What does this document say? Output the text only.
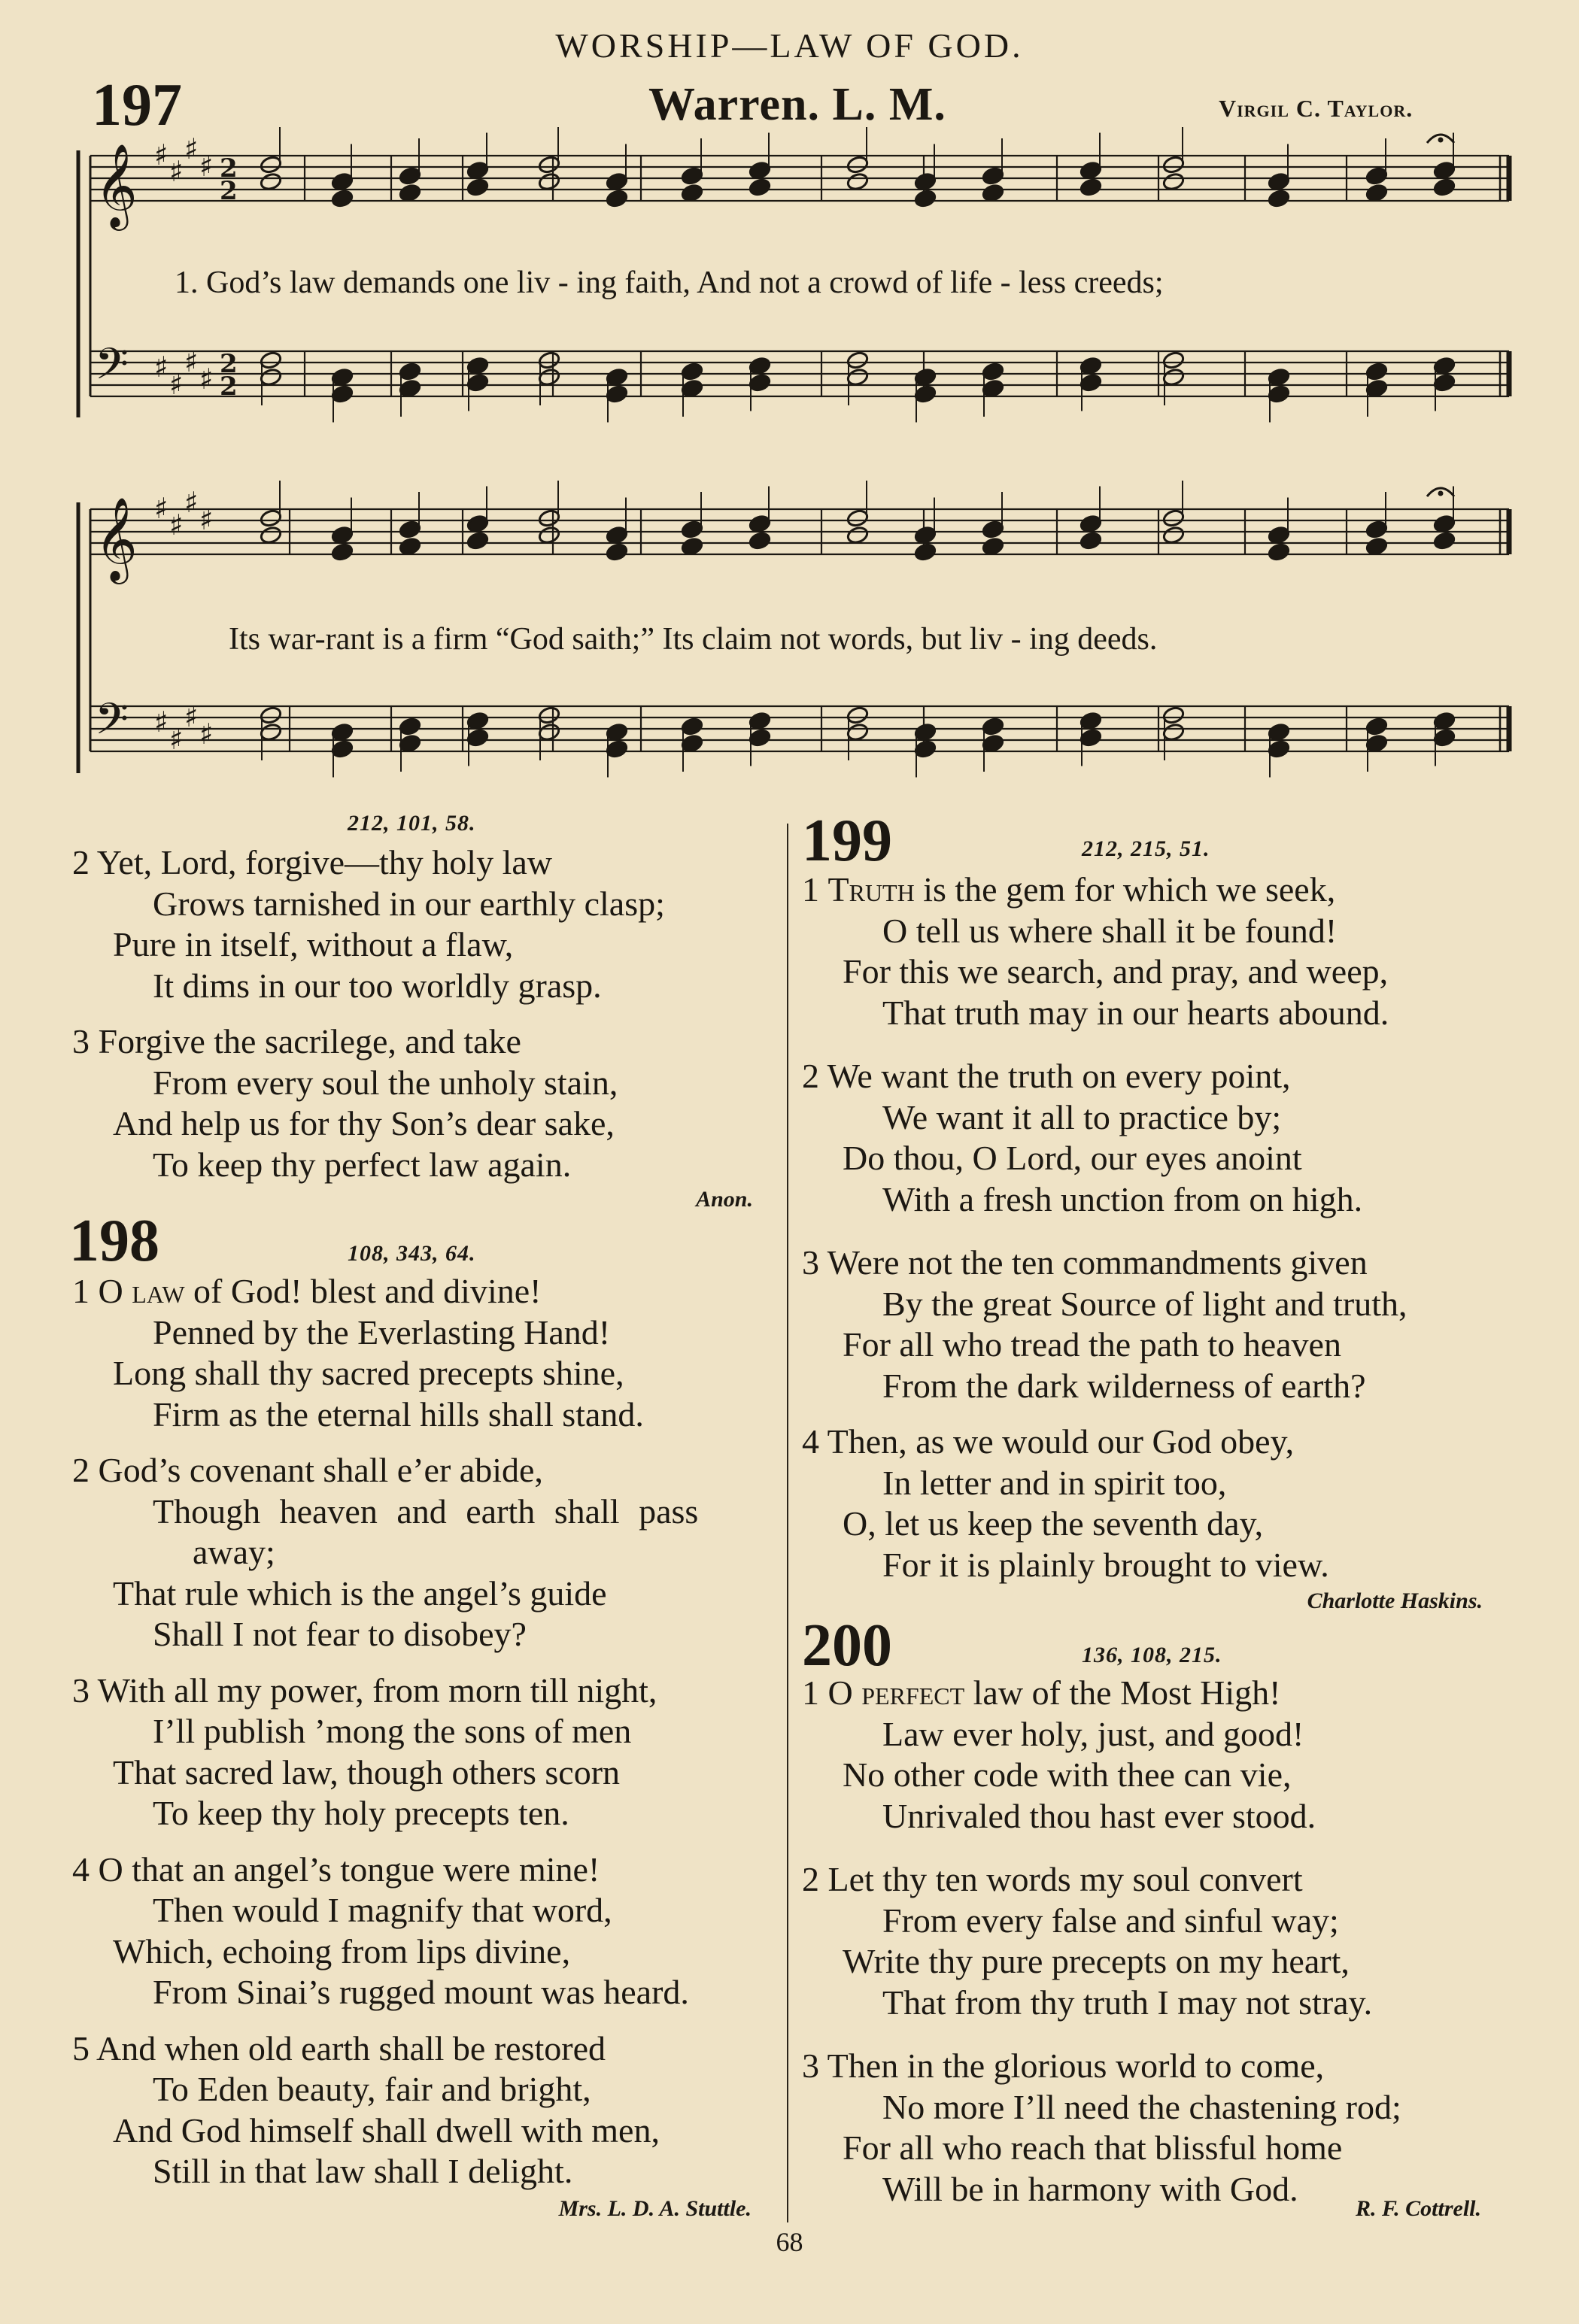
WORSHIP—LAW OF GOD.
197	Warren. L. M.	Virgil C. Taylor.
𝄞 ♯ ♯
♯
♯ 2
2
𝄢 ♯
♯
♯
♯ 2
2
𝄞 ♯ ♯
♯
♯
𝄢 ♯
♯
♯
♯
1. God’s law demands one liv - ing faith, And not a crowd of life - less creeds;
Its war-rant is a firm “God saith;” Its claim not words, but liv - ing deeds.
212, 101, 58.
2 Yet, Lord, forgive—thy holy law
Grows tarnished in our earthly clasp;
Pure in itself, without a flaw,
It dims in our too worldly grasp.
3 Forgive the sacrilege, and take
From every soul the unholy stain,
And help us for thy Son’s dear sake,
To keep thy perfect law again.
Anon.
198	108, 343, 64.
1 O law of God! blest and divine!
Penned by the Everlasting Hand!
Long shall thy sacred precepts shine,
Firm as the eternal hills shall stand.
2 God’s covenant shall e’er abide,
Though heaven and earth shall pass
away;
That rule which is the angel’s guide
Shall I not fear to disobey?
3 With all my power, from morn till night,
I’ll publish ’mong the sons of men
That sacred law, though others scorn
To keep thy holy precepts ten.
4 O that an angel’s tongue were mine!
Then would I magnify that word,
Which, echoing from lips divine,
From Sinai’s rugged mount was heard.
5 And when old earth shall be restored
To Eden beauty, fair and bright,
And God himself shall dwell with men,
Still in that law shall I delight.
Mrs. L. D. A. Stuttle.
199	212, 215, 51.
1 Truth is the gem for which we seek,
O tell us where shall it be found!
For this we search, and pray, and weep,
That truth may in our hearts abound.
2 We want the truth on every point,
We want it all to practice by;
Do thou, O Lord, our eyes anoint
With a fresh unction from on high.
3 Were not the ten commandments given
By the great Source of light and truth,
For all who tread the path to heaven
From the dark wilderness of earth?
4 Then, as we would our God obey,
In letter and in spirit too,
O, let us keep the seventh day,
For it is plainly brought to view.
Charlotte Haskins.
200	136, 108, 215.
1 O perfect law of the Most High!
Law ever holy, just, and good!
No other code with thee can vie,
Unrivaled thou hast ever stood.
2 Let thy ten words my soul convert
From every false and sinful way;
Write thy pure precepts on my heart,
That from thy truth I may not stray.
3 Then in the glorious world to come,
No more I’ll need the chastening rod;
For all who reach that blissful home
Will be in harmony with God.
R. F. Cottrell.
68
